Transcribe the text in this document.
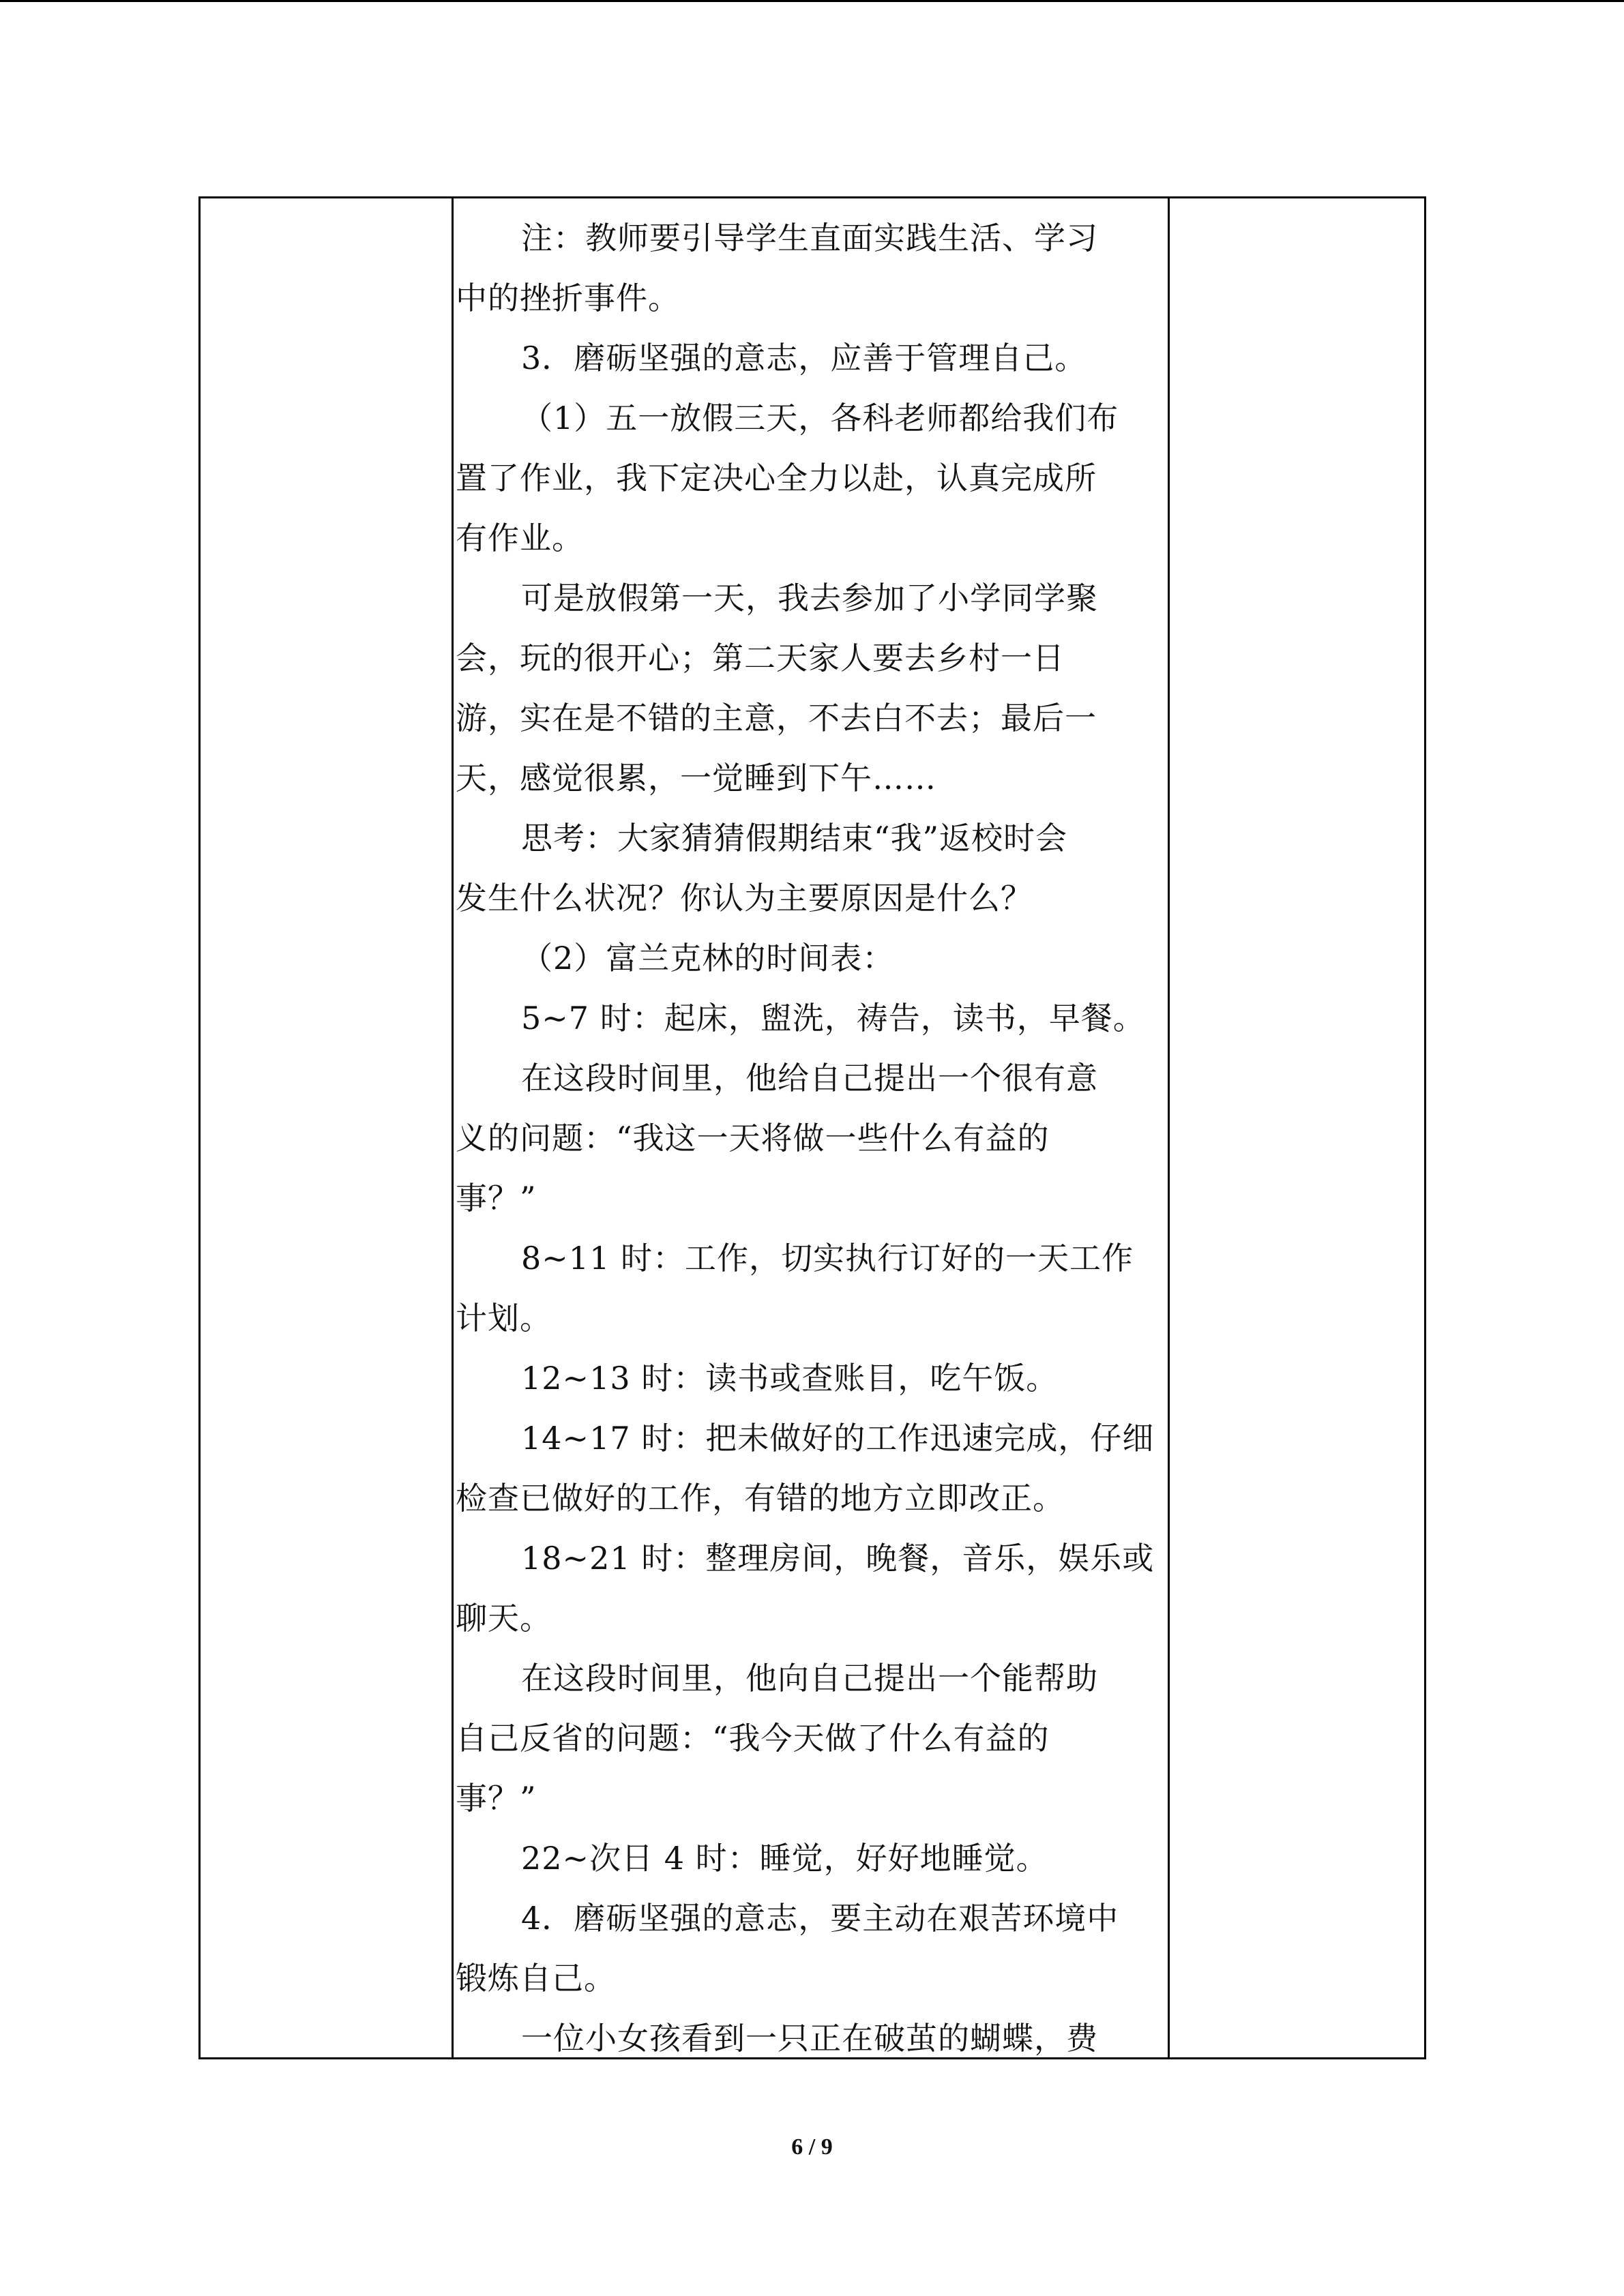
注：教师要引导学生直面实践生活、学习
中的挫折事件。
3．磨砺坚强的意志，应善于管理自己。
（1）五一放假三天，各科老师都给我们布
置了作业，我下定决心全力以赴，认真完成所
有作业。
可是放假第一天，我去参加了小学同学聚
会，玩的很开心；第二天家人要去乡村一日
游，实在是不错的主意，不去白不去；最后一
天，感觉很累，一觉睡到下午……
思考：大家猜猜假期结束“我”返校时会
发生什么状况？你认为主要原因是什么？
（2）富兰克林的时间表：
5~7 时：起床，盥洗，祷告，读书，早餐。
在这段时间里，他给自己提出一个很有意
义的问题：“我这一天将做一些什么有益的
事？”
8~11 时：工作，切实执行订好的一天工作
计划。
12~13 时：读书或查账目，吃午饭。
14~17 时：把未做好的工作迅速完成，仔细
检查已做好的工作，有错的地方立即改正。
18~21 时：整理房间，晚餐，音乐，娱乐或
聊天。
在这段时间里，他向自己提出一个能帮助
自己反省的问题：“我今天做了什么有益的
事？”
22~次日 4 时：睡觉，好好地睡觉。
4．磨砺坚强的意志，要主动在艰苦环境中
锻炼自己。
一位小女孩看到一只正在破茧的蝴蝶，费
6 / 9
